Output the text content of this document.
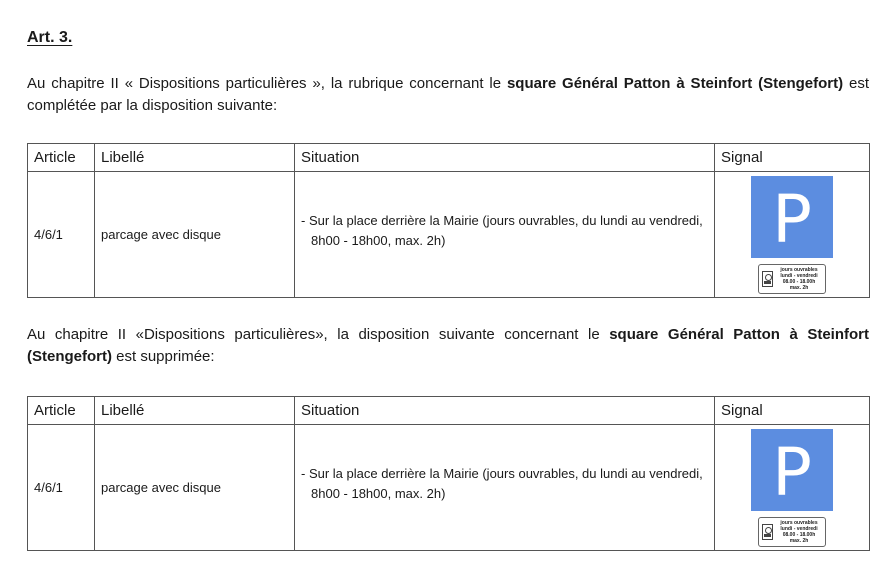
Art. 3.
Au chapitre II « Dispositions particulières », la rubrique concernant le square Général Patton à Steinfort (Stengefort) est complétée par la disposition suivante:
Article	Libellé	Situation	Signal
4/6/1	parcage avec disque	- Sur la place derrière la Mairie (jours ouvrables, du lundi au vendredi, 8h00 - 18h00, max. 2h)	P
jours ouvrables
lundi - vendredi
08.00 - 18.00h
max. 2h
Au chapitre II «Dispositions particulières», la disposition suivante concernant le square Général Patton à Steinfort (Stengefort) est supprimée:
Article	Libellé	Situation	Signal
4/6/1	parcage avec disque	- Sur la place derrière la Mairie (jours ouvrables, du lundi au vendredi, 8h00 - 18h00, max. 2h)	P
jours ouvrables
lundi - vendredi
08.00 - 18.00h
max. 2h
